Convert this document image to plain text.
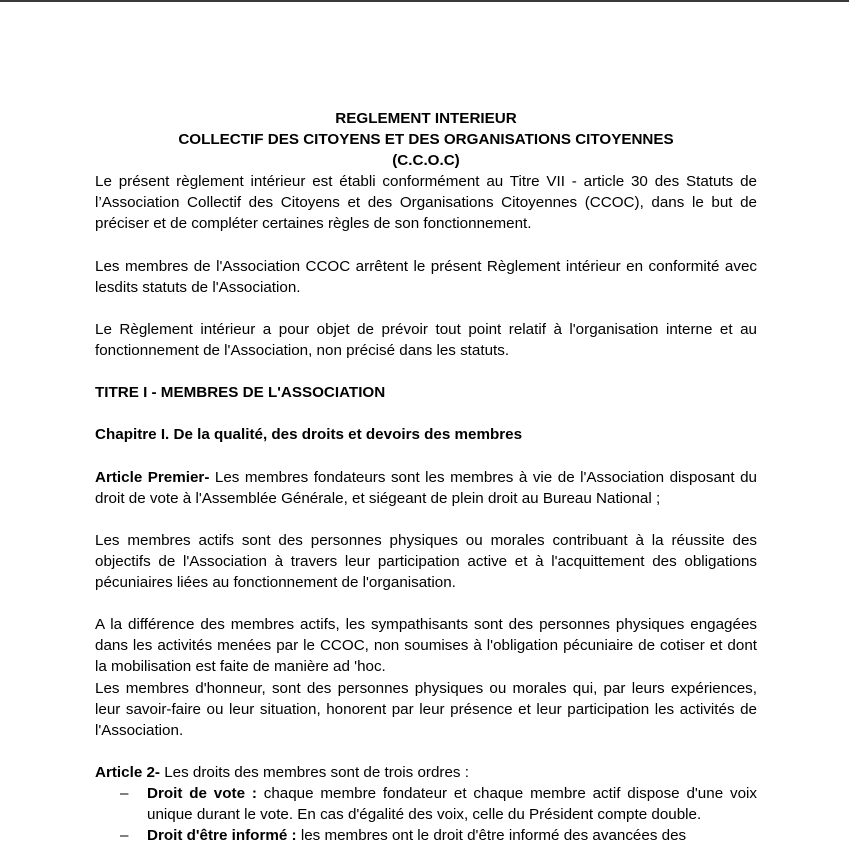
REGLEMENT INTERIEUR

COLLECTIF DES CITOYENS ET DES ORGANISATIONS CITOYENNES

(C.C.O.C)

Le présent règlement intérieur est établi conformément au Titre VII - article 30 des Statuts de l’Association Collectif des Citoyens et des Organisations Citoyennes (CCOC), dans le but de préciser et de compléter certaines règles de son fonctionnement.

Les membres de l'Association CCOC arrêtent le présent Règlement intérieur en conformité avec lesdits statuts de l'Association.

Le Règlement intérieur a pour objet de prévoir tout point relatif à l'organisation interne et au fonctionnement de l'Association, non précisé dans les statuts.

TITRE I - MEMBRES DE L'ASSOCIATION

Chapitre I. De la qualité, des droits et devoirs des membres

Article Premier- Les membres fondateurs sont les membres à vie de l'Association disposant du droit de vote à l'Assemblée Générale, et siégeant de plein droit au Bureau National ;

Les membres actifs sont des personnes physiques ou morales contribuant à la réussite des objectifs de l'Association à travers leur participation active et à l'acquittement des obligations pécuniaires liées au fonctionnement de l'organisation.

A la différence des membres actifs, les sympathisants sont des personnes physiques engagées dans les activités menées par le CCOC, non soumises à l'obligation pécuniaire de cotiser et dont la mobilisation est faite de manière ad 'hoc.

Les membres d'honneur, sont des personnes physiques ou morales qui, par leurs expériences, leur savoir-faire ou leur situation, honorent par leur présence et leur participation les activités de l'Association.

Article 2- Les droits des membres sont de trois ordres :

– Droit de vote : chaque membre fondateur et chaque membre actif dispose d'une voix unique durant le vote. En cas d'égalité des voix, celle du Président compte double.
– Droit d'être informé : les membres ont le droit d'être informé des avancées des
